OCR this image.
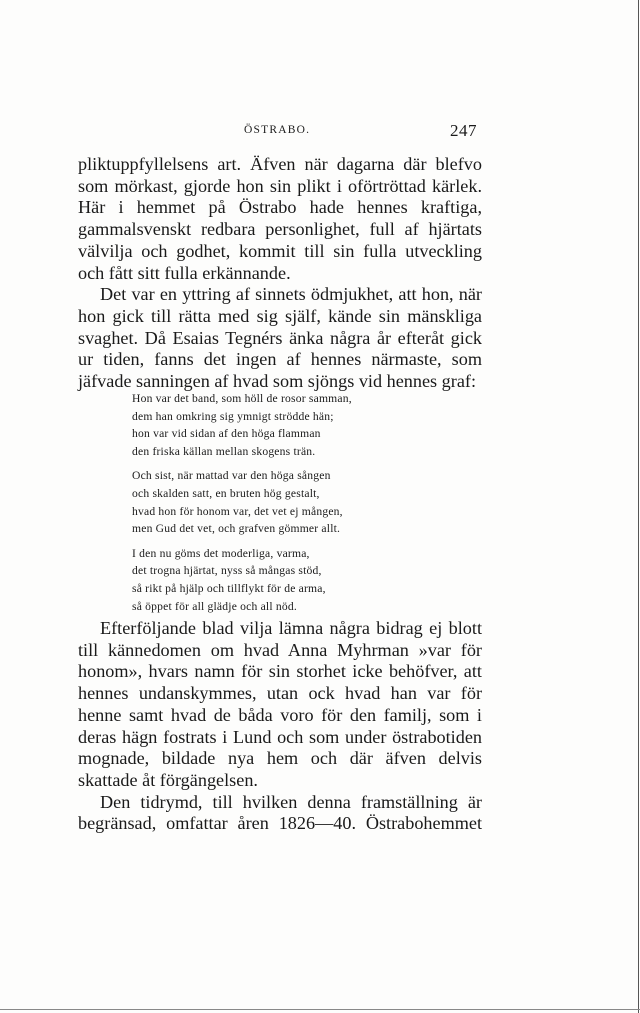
ÖSTRABO.	247

pliktuppfyllelsens art. Äfven när dagarna där blefvo som mörkast, gjorde hon sin plikt i oförtröttad kärlek. Här i hemmet på Östrabo hade hennes kraftiga, gammalsvenskt redbara personlighet, full af hjärtats välvilja och godhet, kommit till sin fulla utveckling och fått sitt fulla erkännande.

Det var en yttring af sinnets ödmjukhet, att hon, när hon gick till rätta med sig själf, kände sin mänskliga svaghet. Då Esaias Tegnérs änka några år efteråt gick ur tiden, fanns det ingen af hennes närmaste, som jäfvade sanningen af hvad som sjöngs vid hennes graf:

Hon var det band, som höll de rosor samman,
dem han omkring sig ymnigt strödde hän;
hon var vid sidan af den höga flamman
den friska källan mellan skogens trän.
Och sist, när mattad var den höga sången
och skalden satt, en bruten hög gestalt,
hvad hon för honom var, det vet ej mången,
men Gud det vet, och grafven gömmer allt.
I den nu göms det moderliga, varma,
det trogna hjärtat, nyss så mångas stöd,
så rikt på hjälp och tillflykt för de arma,
så öppet för all glädje och all nöd.

Efterföljande blad vilja lämna några bidrag ej blott till kännedomen om hvad Anna Myhrman »var för honom», hvars namn för sin storhet icke behöfver, att hennes undanskymmes, utan ock hvad han var för henne samt hvad de båda voro för den familj, som i deras hägn fostrats i Lund och som under östrabotiden mognade, bildade nya hem och där äfven delvis skattade åt förgängelsen.

Den tidrymd, till hvilken denna framställning är begränsad, omfattar åren 1826—40. Östrabohemmet
